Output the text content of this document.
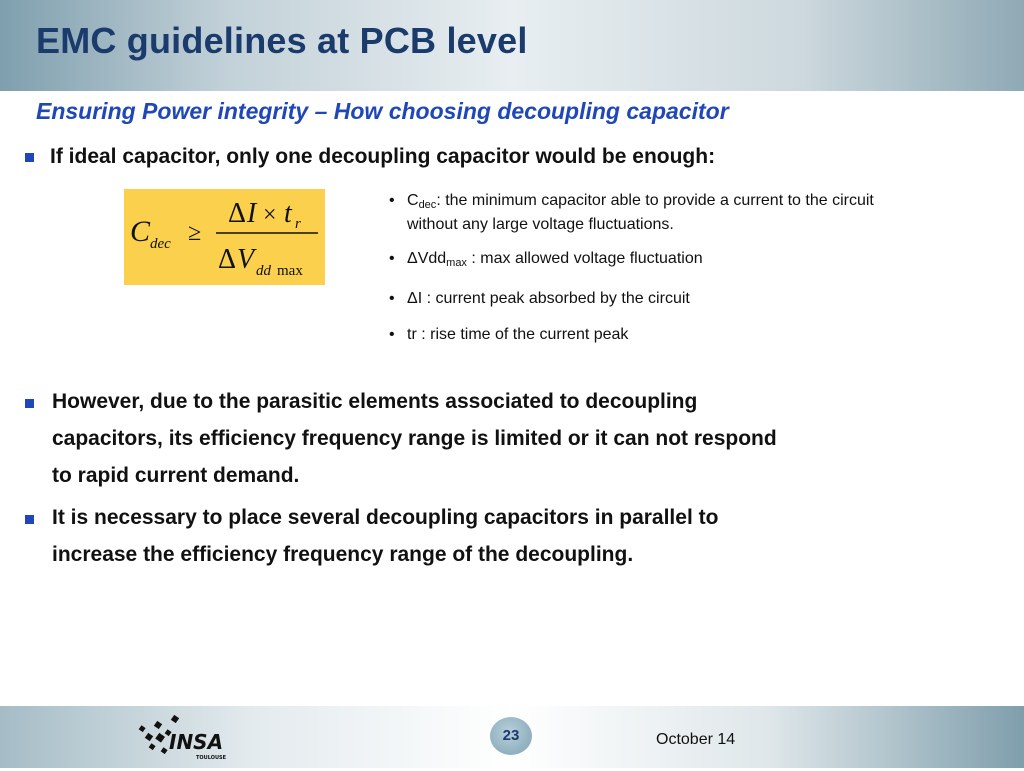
EMC guidelines at PCB level
Ensuring Power integrity – How choosing decoupling capacitor
If ideal capacitor, only one decoupling capacitor would be enough:
C dec ≥
Δ I × t r
Δ V dd max
• $C_{dec}$: the minimum capacitor able to provide a current to the circuit without any large voltage fluctuations.
• ΔVdd$_{max}$ : max allowed voltage fluctuation
• ΔI : current peak absorbed by the circuit
• tr : rise time of the current peak
However, due to the parasitic elements associated to decoupling
capacitors, its efficiency frequency range is limited or it can not respond
to rapid current demand.
It is necessary to place several decoupling capacitors in parallel to
increase the efficiency frequency range of the decoupling.
INSA
TOULOUSE
23	October 14
